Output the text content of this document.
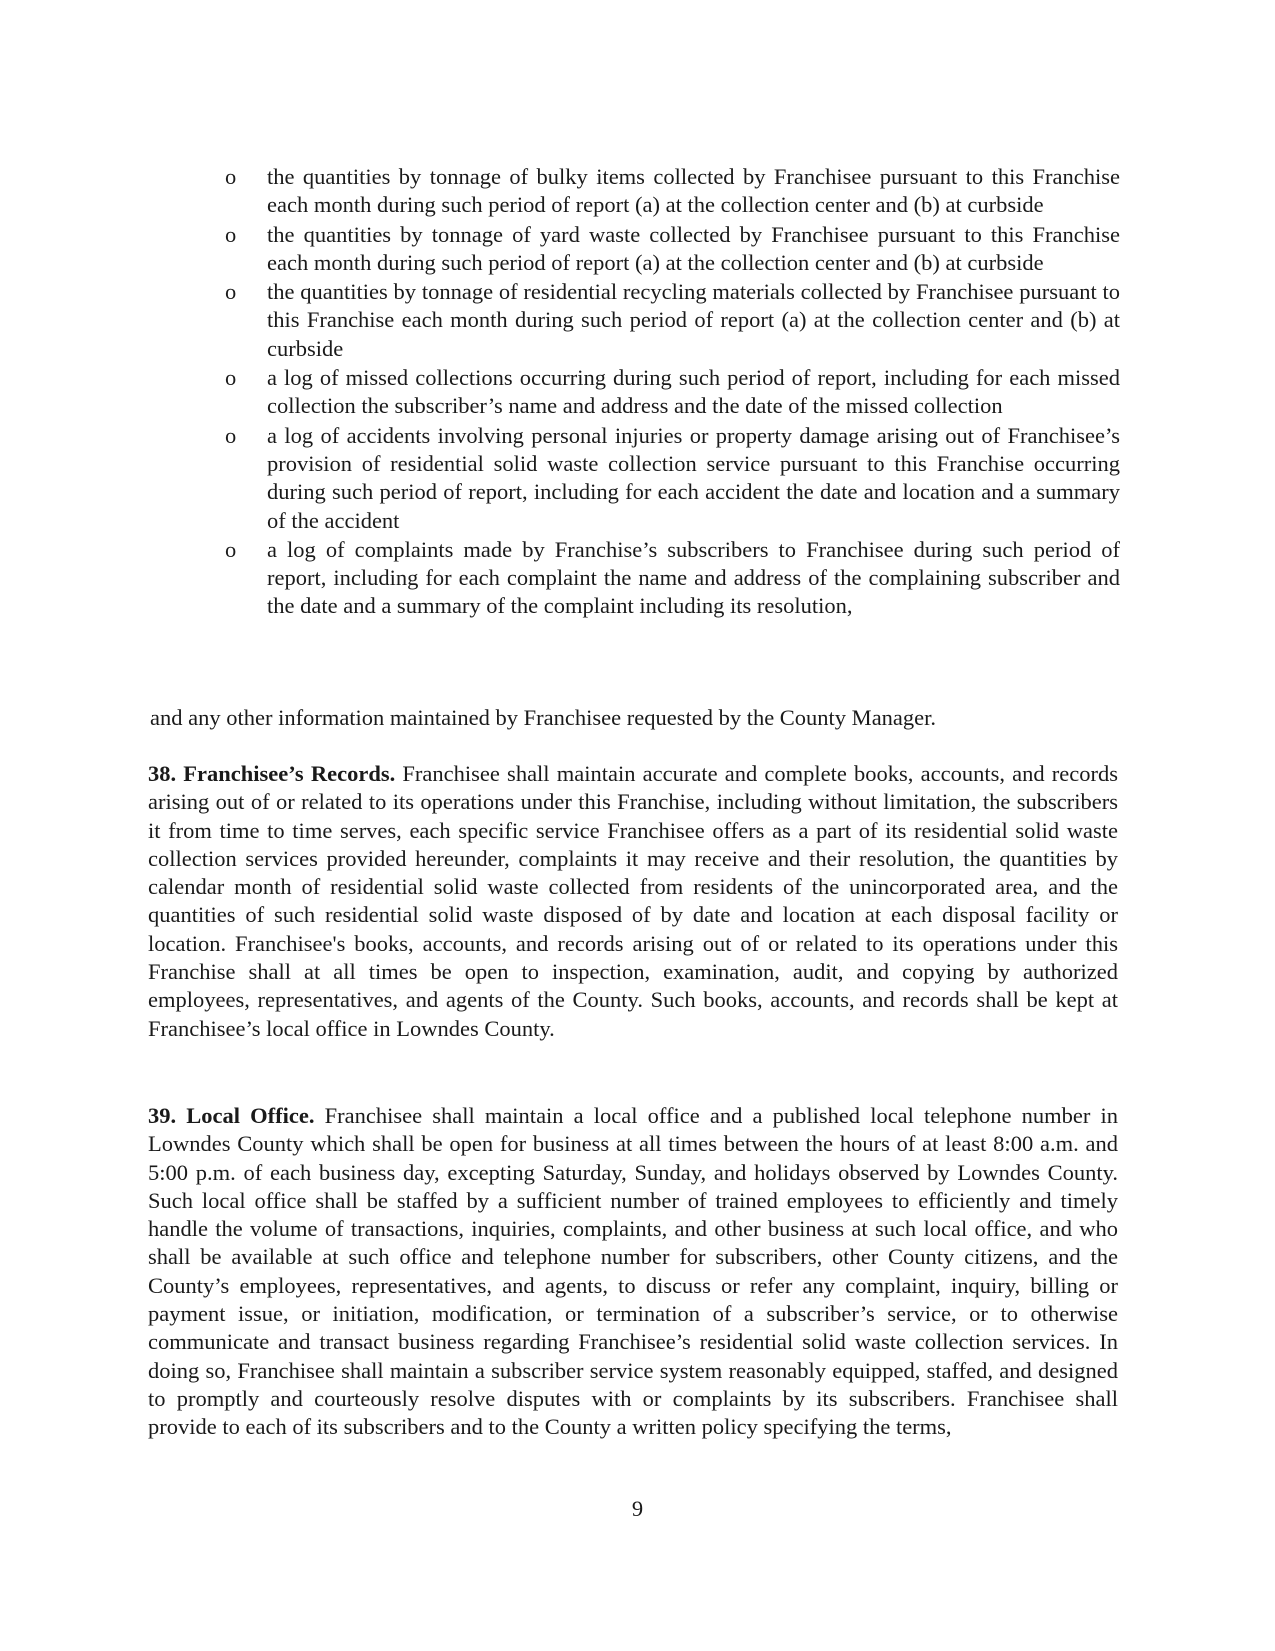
o the quantities by tonnage of bulky items collected by Franchisee pursuant to this Franchise each month during such period of report (a) at the collection center and (b) at curbside
o the quantities by tonnage of yard waste collected by Franchisee pursuant to this Franchise each month during such period of report (a) at the collection center and (b) at curbside
o the quantities by tonnage of residential recycling materials collected by Franchisee pursuant to this Franchise each month during such period of report (a) at the collection center and (b) at curbside
o a log of missed collections occurring during such period of report, including for each missed collection the subscriber’s name and address and the date of the missed collection
o a log of accidents involving personal injuries or property damage arising out of Franchisee’s provision of residential solid waste collection service pursuant to this Franchise occurring during such period of report, including for each accident the date and location and a summary of the accident
o a log of complaints made by Franchise’s subscribers to Franchisee during such period of report, including for each complaint the name and address of the complaining subscriber and the date and a summary of the complaint including its resolution,

and any other information maintained by Franchisee requested by the County Manager.

38. Franchisee’s Records. Franchisee shall maintain accurate and complete books, accounts, and records arising out of or related to its operations under this Franchise, including without limitation, the subscribers it from time to time serves, each specific service Franchisee offers as a part of its residential solid waste collection services provided hereunder, complaints it may receive and their resolution, the quantities by calendar month of residential solid waste collected from residents of the unincorporated area, and the quantities of such residential solid waste disposed of by date and location at each disposal facility or location. Franchisee's books, accounts, and records arising out of or related to its operations under this Franchise shall at all times be open to inspection, examination, audit, and copying by authorized employees, representatives, and agents of the County. Such books, accounts, and records shall be kept at Franchisee’s local office in Lowndes County.

39. Local Office. Franchisee shall maintain a local office and a published local telephone number in Lowndes County which shall be open for business at all times between the hours of at least 8:00 a.m. and 5:00 p.m. of each business day, excepting Saturday, Sunday, and holidays observed by Lowndes County. Such local office shall be staffed by a sufficient number of trained employees to efficiently and timely handle the volume of transactions, inquiries, complaints, and other business at such local office, and who shall be available at such office and telephone number for subscribers, other County citizens, and the County’s employees, representatives, and agents, to discuss or refer any complaint, inquiry, billing or payment issue, or initiation, modification, or termination of a subscriber’s service, or to otherwise communicate and transact business regarding Franchisee’s residential solid waste collection services. In doing so, Franchisee shall maintain a subscriber service system reasonably equipped, staffed, and designed to promptly and courteously resolve disputes with or complaints by its subscribers. Franchisee shall provide to each of its subscribers and to the County a written policy specifying the terms,

9
